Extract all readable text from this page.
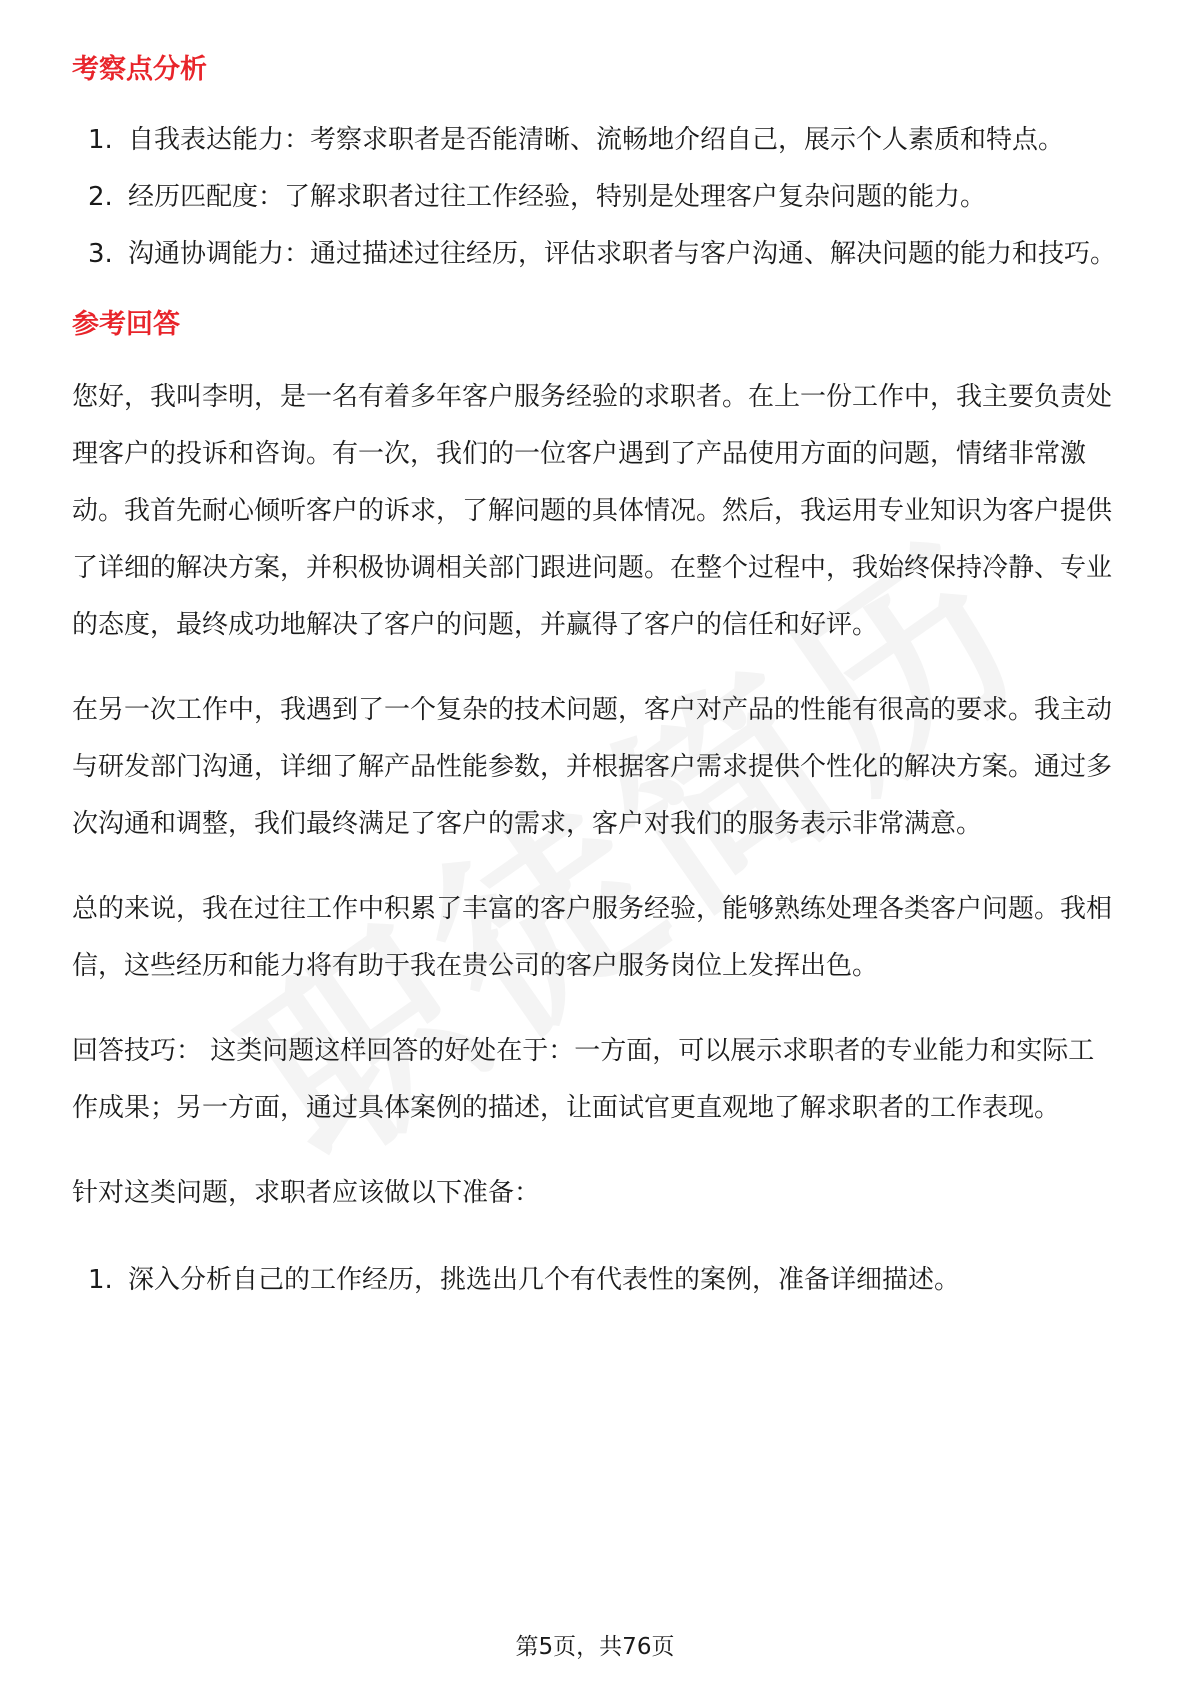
考察点分析
1. 自我表达能力：考察求职者是否能清晰、流畅地介绍自己，展示个人素质和特点。
2. 经历匹配度：了解求职者过往工作经验，特别是处理客户复杂问题的能力。
3. 沟通协调能力：通过描述过往经历，评估求职者与客户沟通、解决问题的能力和技巧。
参考回答

您好，我叫李明，是一名有着多年客户服务经验的求职者。在上一份工作中，我主要负责处理客户的投诉和咨询。有一次，我们的一位客户遇到了产品使用方面的问题，情绪非常激动。我首先耐心倾听客户的诉求，了解问题的具体情况。然后，我运用专业知识为客户提供了详细的解决方案，并积极协调相关部门跟进问题。在整个过程中，我始终保持冷静、专业的态度，最终成功地解决了客户的问题，并赢得了客户的信任和好评。

在另一次工作中，我遇到了一个复杂的技术问题，客户对产品的性能有很高的要求。我主动与研发部门沟通，详细了解产品性能参数，并根据客户需求提供个性化的解决方案。通过多次沟通和调整，我们最终满足了客户的需求，客户对我们的服务表示非常满意。

总的来说，我在过往工作中积累了丰富的客户服务经验，能够熟练处理各类客户问题。我相信，这些经历和能力将有助于我在贵公司的客户服务岗位上发挥出色。

回答技巧： 这类问题这样回答的好处在于：一方面，可以展示求职者的专业能力和实际工作成果；另一方面，通过具体案例的描述，让面试官更直观地了解求职者的工作表现。

针对这类问题，求职者应该做以下准备：

1. 深入分析自己的工作经历，挑选出几个有代表性的案例，准备详细描述。
第5页，共76页
